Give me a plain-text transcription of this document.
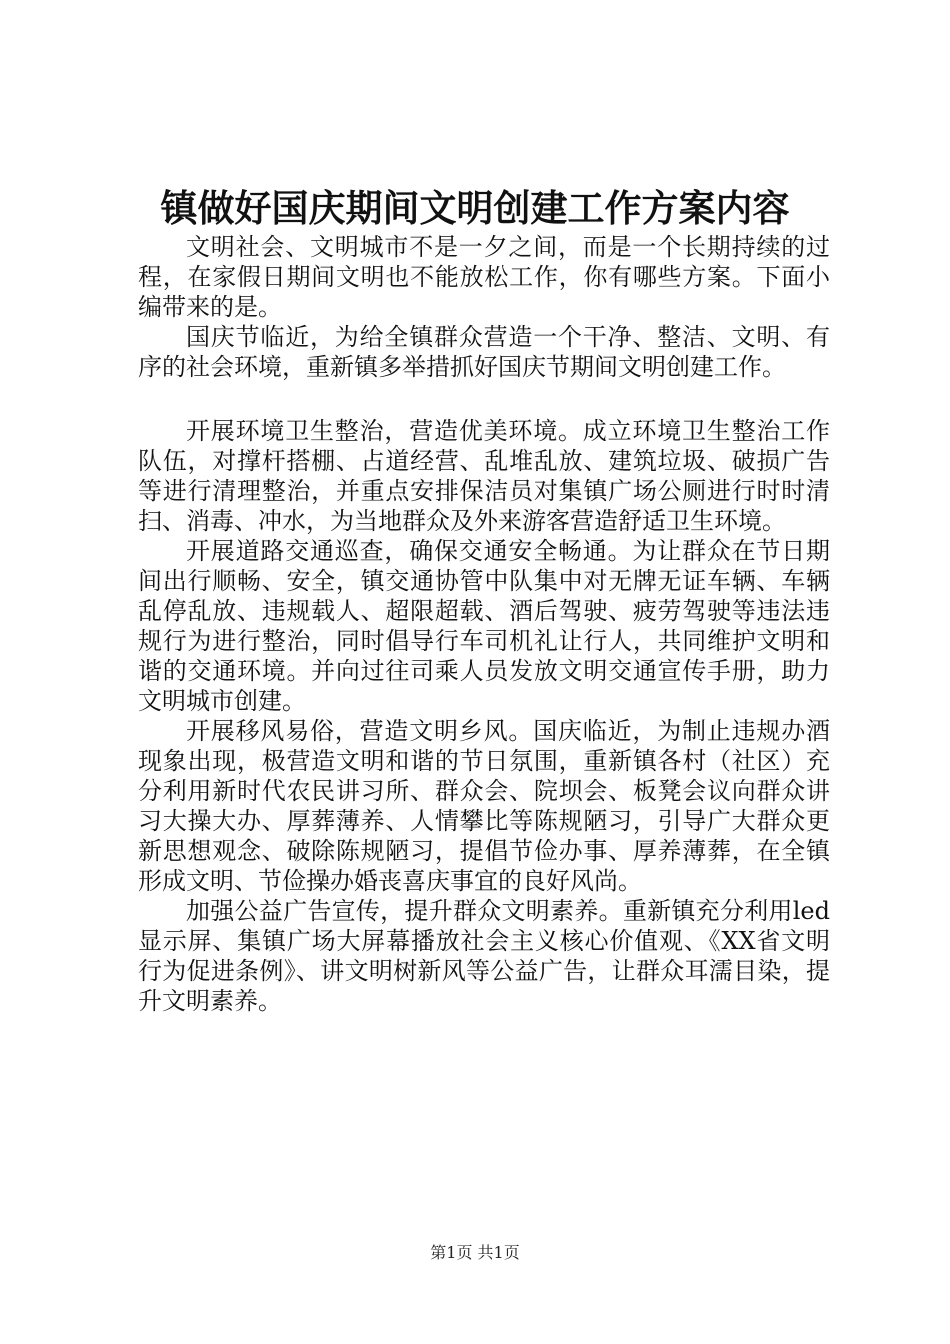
镇做好国庆期间文明创建工作方案内容

文明社会、文明城市不是一夕之间，而是一个长期持续的过程，在家假日期间文明也不能放松工作，你有哪些方案。下面小编带来的是。

国庆节临近，为给全镇群众营造一个干净、整洁、文明、有序的社会环境，重新镇多举措抓好国庆节期间文明创建工作。

开展环境卫生整治，营造优美环境。成立环境卫生整治工作队伍，对撑杆搭棚、占道经营、乱堆乱放、建筑垃圾、破损广告等进行清理整治，并重点安排保洁员对集镇广场公厕进行时时清扫、消毒、冲水，为当地群众及外来游客营造舒适卫生环境。

开展道路交通巡查，确保交通安全畅通。为让群众在节日期间出行顺畅、安全，镇交通协管中队集中对无牌无证车辆、车辆乱停乱放、违规载人、超限超载、酒后驾驶、疲劳驾驶等违法违规行为进行整治，同时倡导行车司机礼让行人，共同维护文明和谐的交通环境。并向过往司乘人员发放文明交通宣传手册，助力文明城市创建。

开展移风易俗，营造文明乡风。国庆临近，为制止违规办酒现象出现，极营造文明和谐的节日氛围，重新镇各村（社区）充分利用新时代农民讲习所、群众会、院坝会、板凳会议向群众讲习大操大办、厚葬薄养、人情攀比等陈规陋习，引导广大群众更新思想观念、破除陈规陋习，提倡节俭办事、厚养薄葬，在全镇形成文明、节俭操办婚丧喜庆事宜的良好风尚。

加强公益广告宣传，提升群众文明素养。重新镇充分利用led显示屏、集镇广场大屏幕播放社会主义核心价值观、《XX省文明行为促进条例》、讲文明树新风等公益广告，让群众耳濡目染，提升文明素养。

第1页 共1页
